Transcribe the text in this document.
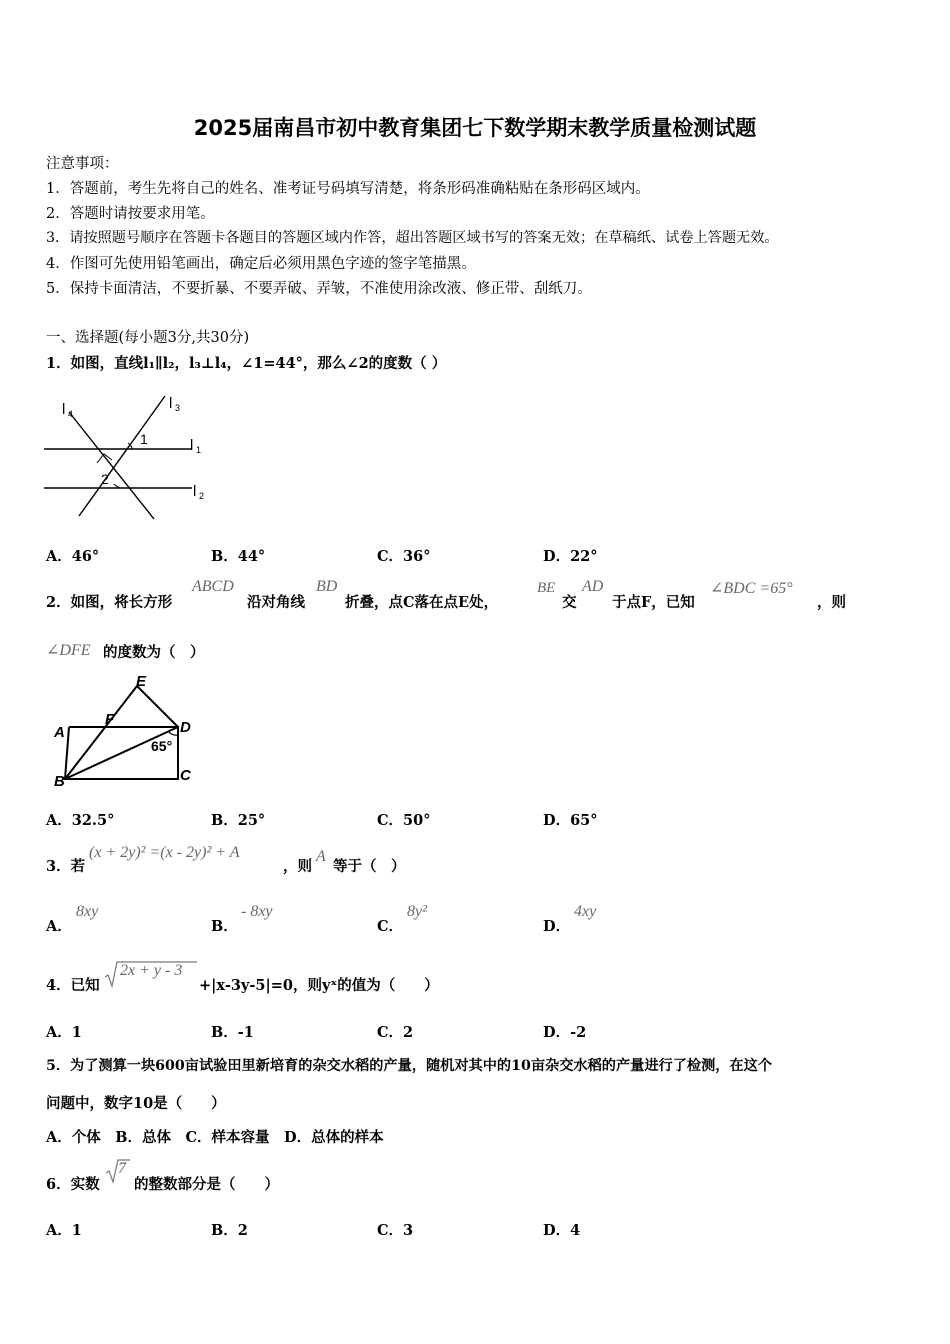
2025届南昌市初中教育集团七下数学期末教学质量检测试题
注意事项：
1．答题前，考生先将自己的姓名、准考证号码填写清楚，将条形码准确粘贴在条形码区域内。
2．答题时请按要求用笔。
3．请按照题号顺序在答题卡各题目的答题区域内作答，超出答题区域书写的答案无效；在草稿纸、试卷上答题无效。
4．作图可先使用铅笔画出，确定后必须用黑色字迹的签字笔描黑。
5．保持卡面清洁，不要折暴、不要弄破、弄皱，不准使用涂改液、修正带、刮纸刀。
一、选择题(每小题3分,共30分)
1．如图，直线l₁∥l₂，l₃⊥l₄，∠1=44°，那么∠2的度数（ ）
l 4
l 3
l 1
l 2
1
2
A．46°	B．44°	C．36°	D．22°
2．如图，将长方形
ABCD
沿对角线
BD
折叠，点C落在点E处，
BE
交
AD
于点F，已知
∠BDC =65°
，则
∠DFE 的度数为（　）
E
F
A	D
B	C
65°
A．32.5°	B．25°	C．50°	D．65°
3．若
(x + 2y)² =(x - 2y)² + A
，则
A
等于（　）
A．
8xy
B．
- 8xy
C．
8y²
D．
4xy
4．已知
2x + y - 3
+|x-3y-5|=0，则yˣ的值为（　　）
A．1	B．-1	C．2	D．-2
5．为了测算一块600亩试验田里新培育的杂交水稻的产量，随机对其中的10亩杂交水稻的产量进行了检测，在这个
问题中，数字10是（　　）
A．个体　B．总体　C．样本容量　D．总体的样本
6．实数
7
的整数部分是（　　）
A．1	B．2	C．3	D．4
